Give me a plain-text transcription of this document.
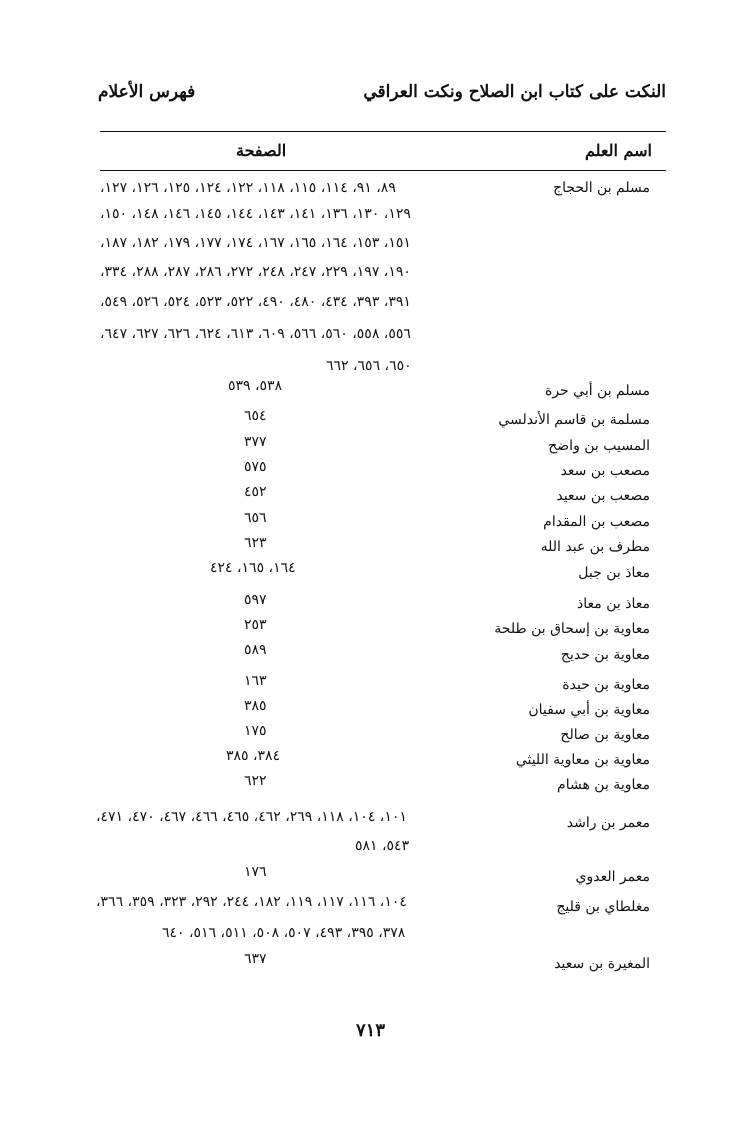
النكت على كتاب ابن الصلاح ونكت العراقي
فهرس الأعلام
اسم العلم
الصفحة
مسلم بن الحجاج
٨٩، ٩١، ١١٤، ١١٥، ١١٨، ١٢٢، ١٢٤، ١٢٥، ١٢٦، ١٢٧،
١٢٩، ١٣٠، ١٣٦، ١٤١، ١٤٣، ١٤٤، ١٤٥، ١٤٦، ١٤٨، ١٥٠،
١٥١، ١٥٣، ١٦٤، ١٦٥، ١٦٧، ١٧٤، ١٧٧، ١٧٩، ١٨٢، ١٨٧،
١٩٠، ١٩٧، ٢٢٩، ٢٤٧، ٢٤٨، ٢٧٢، ٢٨٦، ٢٨٧، ٢٨٨، ٣٣٤،
٣٩١، ٣٩٣، ٤٣٤، ٤٨٠، ٤٩٠، ٥٢٢، ٥٢٣، ٥٢٤، ٥٢٦، ٥٤٩،
٥٥٦، ٥٥٨، ٥٦٠، ٥٦٦، ٦٠٩، ٦١٣، ٦٢٤، ٦٢٦، ٦٢٧، ٦٤٧،
٦٥٠، ٦٥٦، ٦٦٢
مسلم بن أبي حرة
٥٣٨، ٥٣٩
مسلمة بن قاسم الأندلسي
٦٥٤
المسيب بن واضح
٣٧٧
مصعب بن سعد
٥٧٥
مصعب بن سعيد
٤٥٢
مصعب بن المقدام
٦٥٦
مطرف بن عبد الله
٦٢٣
معاذ بن جبل
١٦٤، ١٦٥، ٤٢٤
معاذ بن معاذ
٥٩٧
معاوية بن إسحاق بن طلحة
٢٥٣
معاوية بن حديج
٥٨٩
معاوية بن حيدة
١٦٣
معاوية بن أبي سفيان
٣٨٥
معاوية بن صالح
١٧٥
معاوية بن معاوية الليثي
٣٨٤، ٣٨٥
معاوية بن هشام
٦٢٢
معمر بن راشد
١٠١، ١٠٤، ١١٨، ٢٦٩، ٤٦٢، ٤٦٥، ٤٦٦، ٤٦٧، ٤٧٠، ٤٧١،
٥٤٣، ٥٨١
معمر العدوي
١٧٦
مغلطاي بن قليج
١٠٤، ١١٦، ١١٧، ١١٩، ١٨٢، ٢٤٤، ٢٩٢، ٣٢٣، ٣٥٩، ٣٦٦،
٣٧٨، ٣٩٥، ٤٩٣، ٥٠٧، ٥٠٨، ٥١١، ٥١٦، ٦٤٠
المغيرة بن سعيد
٦٣٧
٧١٣
